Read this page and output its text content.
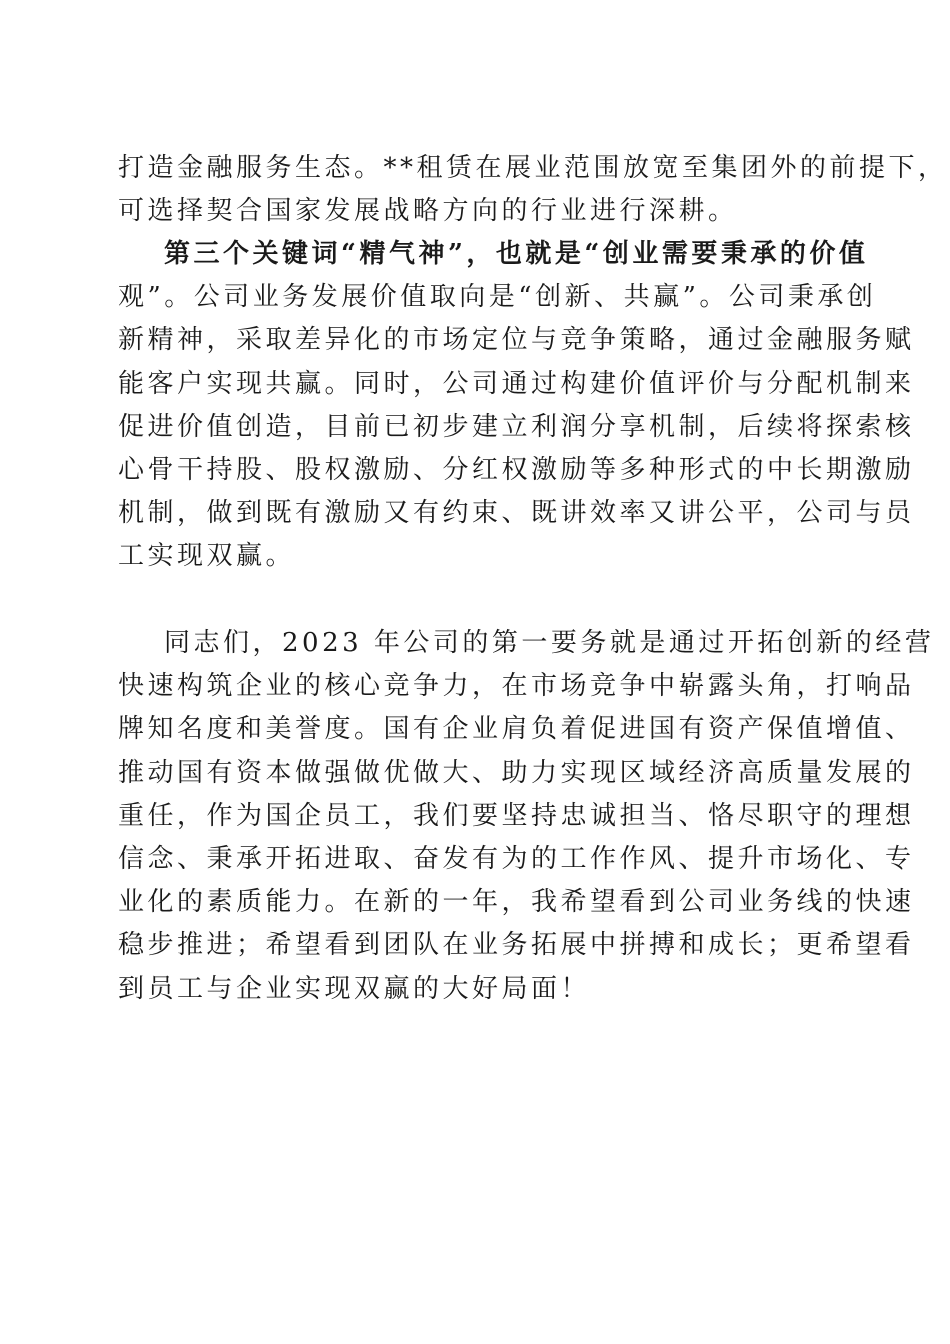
打造金融服务生态。**租赁在展业范围放宽至集团外的前提下，
可选择契合国家发展战略方向的行业进行深耕。
第三个关键词“精气神”，也就是“创业需要秉承的价值
观”。公司业务发展价值取向是“创新、共赢”。公司秉承创
新精神，采取差异化的市场定位与竞争策略，通过金融服务赋
能客户实现共赢。同时，公司通过构建价值评价与分配机制来
促进价值创造，目前已初步建立利润分享机制，后续将探索核
心骨干持股、股权激励、分红权激励等多种形式的中长期激励
机制，做到既有激励又有约束、既讲效率又讲公平，公司与员
工实现双赢。
同志们，2023 年公司的第一要务就是通过开拓创新的经营
快速构筑企业的核心竞争力，在市场竞争中崭露头角，打响品
牌知名度和美誉度。国有企业肩负着促进国有资产保值增值、
推动国有资本做强做优做大、助力实现区域经济高质量发展的
重任，作为国企员工，我们要坚持忠诚担当、恪尽职守的理想
信念、秉承开拓进取、奋发有为的工作作风、提升市场化、专
业化的素质能力。在新的一年，我希望看到公司业务线的快速
稳步推进；希望看到团队在业务拓展中拼搏和成长；更希望看
到员工与企业实现双赢的大好局面！
